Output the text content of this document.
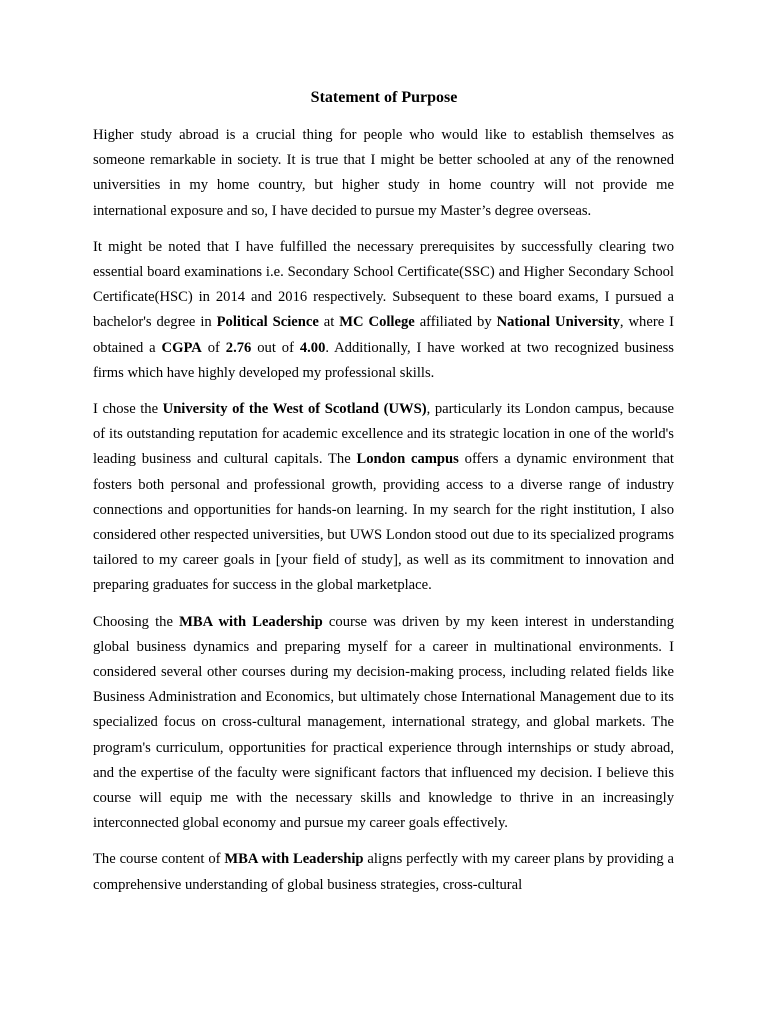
Statement of Purpose

Higher study abroad is a crucial thing for people who would like to establish themselves as someone remarkable in society. It is true that I might be better schooled at any of the renowned universities in my home country, but higher study in home country will not provide me international exposure and so, I have decided to pursue my Master’s degree overseas.

It might be noted that I have fulfilled the necessary prerequisites by successfully clearing two essential board examinations i.e. Secondary School Certificate(SSC) and Higher Secondary School Certificate(HSC) in 2014 and 2016 respectively. Subsequent to these board exams, I pursued a bachelor's degree in Political Science at MC College affiliated by National University, where I obtained a CGPA of 2.76 out of 4.00. Additionally, I have worked at two recognized business firms which have highly developed my professional skills.

I chose the University of the West of Scotland (UWS), particularly its London campus, because of its outstanding reputation for academic excellence and its strategic location in one of the world's leading business and cultural capitals. The London campus offers a dynamic environment that fosters both personal and professional growth, providing access to a diverse range of industry connections and opportunities for hands-on learning. In my search for the right institution, I also considered other respected universities, but UWS London stood out due to its specialized programs tailored to my career goals in [your field of study], as well as its commitment to innovation and preparing graduates for success in the global marketplace.

Choosing the MBA with Leadership course was driven by my keen interest in understanding global business dynamics and preparing myself for a career in multinational environments. I considered several other courses during my decision-making process, including related fields like Business Administration and Economics, but ultimately chose International Management due to its specialized focus on cross-cultural management, international strategy, and global markets. The program's curriculum, opportunities for practical experience through internships or study abroad, and the expertise of the faculty were significant factors that influenced my decision. I believe this course will equip me with the necessary skills and knowledge to thrive in an increasingly interconnected global economy and pursue my career goals effectively.

The course content of MBA with Leadership aligns perfectly with my career plans by providing a comprehensive understanding of global business strategies, cross-cultural
